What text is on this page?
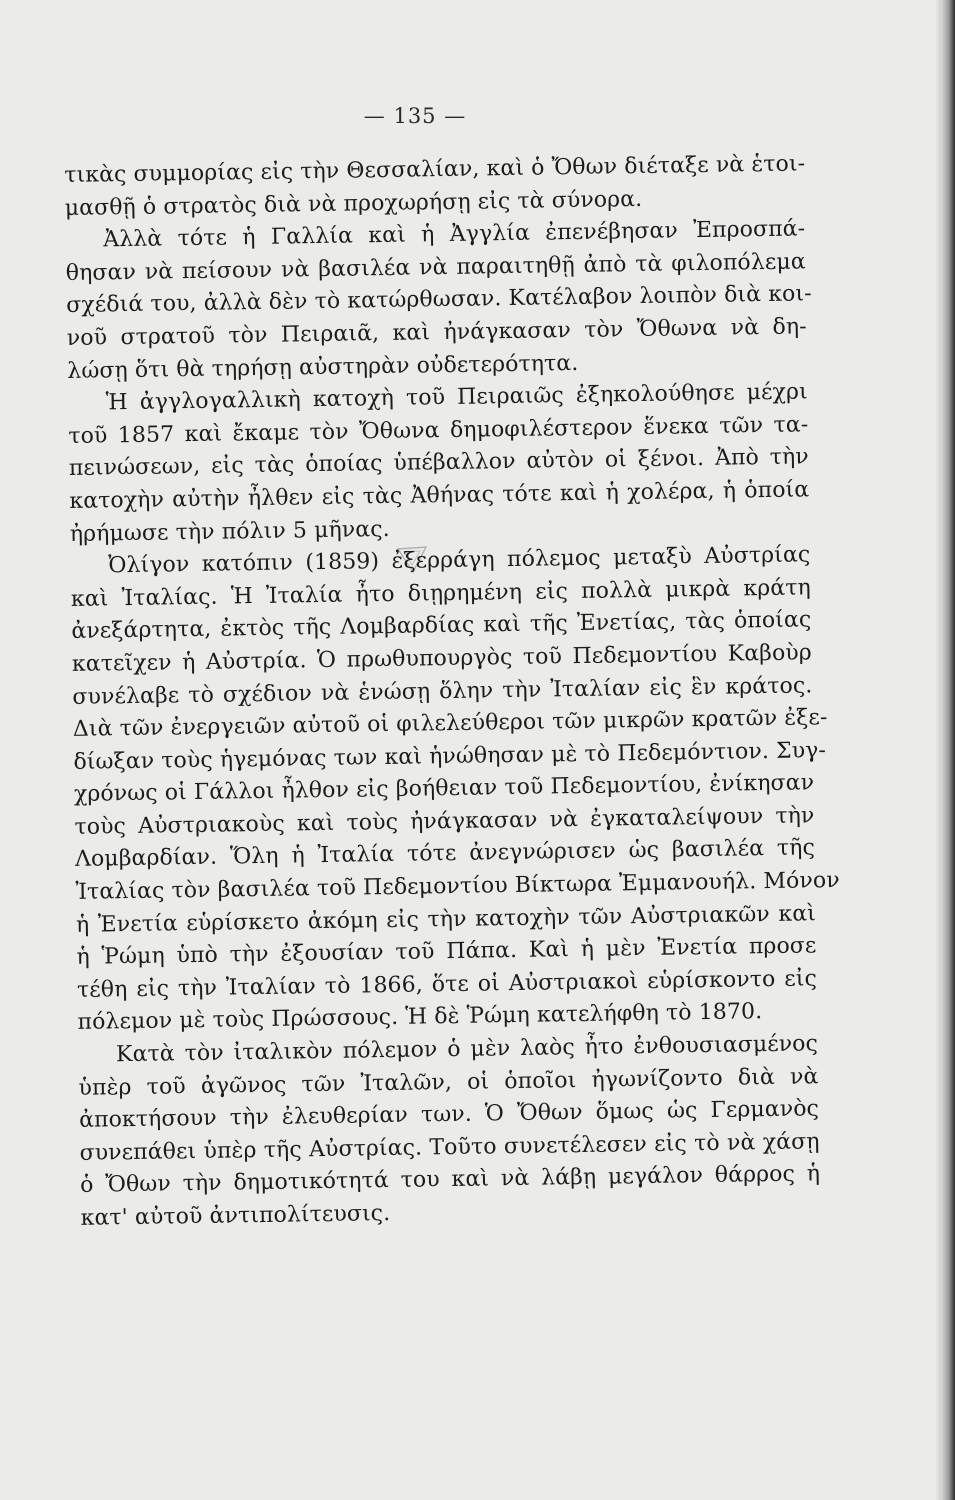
— 135 —
τικὰς συμμορίας εἰς τὴν Θεσσαλίαν, καὶ ὁ Ὄθων διέταξε νὰ ἑτοι-
μασθῇ ὁ στρατὸς διὰ νὰ προχωρήσῃ εἰς τὰ σύνορα.
Ἀλλὰ τότε ἡ Γαλλία καὶ ἡ Ἀγγλία ἐπενέβησαν Ἐπροσπά-
θησαν νὰ πείσουν νὰ βασιλέα νὰ παραιτηθῇ ἀπὸ τὰ φιλοπόλεμα
σχέδιά του, ἀλλὰ δὲν τὸ κατώρθωσαν. Κατέλαβον λοιπὸν διὰ κοι-
νοῦ στρατοῦ τὸν Πειραιᾶ, καὶ ἠνάγκασαν τὸν Ὄθωνα νὰ δη-
λώσῃ ὅτι θὰ τηρήσῃ αὐστηρὰν οὐδετερότητα.
Ἡ ἀγγλογαλλικὴ κατοχὴ τοῦ Πειραιῶς ἐξηκολούθησε μέχρι
τοῦ 1857 καὶ ἔκαμε τὸν Ὄθωνα δημοφιλέστερον ἕνεκα τῶν τα-
πεινώσεων, εἰς τὰς ὁποίας ὑπέβαλλον αὐτὸν οἱ ξένοι. Ἀπὸ τὴν
κατοχὴν αὐτὴν ἦλθεν εἰς τὰς Ἀθήνας τότε καὶ ἡ χολέρα, ἡ ὁποία
ἠρήμωσε τὴν πόλιν 5 μῆνας.
Ὀλίγον κατόπιν (1859) ἐξερράγη πόλεμος μεταξὺ Αὐστρίας
καὶ Ἰταλίας. Ἡ Ἰταλία ἦτο διῃρημένη εἰς πολλὰ μικρὰ κράτη
ἀνεξάρτητα, ἐκτὸς τῆς Λομβαρδίας καὶ τῆς Ἐνετίας, τὰς ὁποίας
κατεῖχεν ἡ Αὐστρία. Ὁ πρωθυπουργὸς τοῦ Πεδεμοντίου Καβοὺρ
συνέλαβε τὸ σχέδιον νὰ ἑνώσῃ ὅλην τὴν Ἰταλίαν εἰς ἓν κράτος.
Διὰ τῶν ἐνεργειῶν αὐτοῦ οἱ φιλελεύθεροι τῶν μικρῶν κρατῶν ἐξε-
δίωξαν τοὺς ἡγεμόνας των καὶ ἡνώθησαν μὲ τὸ Πεδεμόντιον. Συγ-
χρόνως οἱ Γάλλοι ἦλθον εἰς βοήθειαν τοῦ Πεδεμοντίου, ἐνίκησαν
τοὺς Αὐστριακοὺς καὶ τοὺς ἠνάγκασαν νὰ ἐγκαταλείψουν τὴν
Λομβαρδίαν. Ὅλη ἡ Ἰταλία τότε ἀνεγνώρισεν ὡς βασιλέα τῆς
Ἰταλίας τὸν βασιλέα τοῦ Πεδεμοντίου Βίκτωρα Ἐμμανουήλ. Μόνον
ἡ Ἐνετία εὑρίσκετο ἀκόμη εἰς τὴν κατοχὴν τῶν Αὐστριακῶν καὶ
ἡ Ῥώμη ὑπὸ τὴν ἐξουσίαν τοῦ Πάπα. Καὶ ἡ μὲν Ἐνετία προσε
τέθη εἰς τὴν Ἰταλίαν τὸ 1866, ὅτε οἱ Αὐστριακοὶ εὑρίσκοντο εἰς
πόλεμον μὲ τοὺς Πρώσσους. Ἡ δὲ Ῥώμη κατελήφθη τὸ 1870.
Κατὰ τὸν ἰταλικὸν πόλεμον ὁ μὲν λαὸς ἦτο ἐνθουσιασμένος
ὑπὲρ τοῦ ἀγῶνος τῶν Ἰταλῶν, οἱ ὁποῖοι ἠγωνίζοντο διὰ νὰ
ἀποκτήσουν τὴν ἐλευθερίαν των. Ὁ Ὄθων ὅμως ὡς Γερμανὸς
συνεπάθει ὑπὲρ τῆς Αὐστρίας. Τοῦτο συνετέλεσεν εἰς τὸ νὰ χάσῃ
ὁ Ὄθων τὴν δημοτικότητά του καὶ νὰ λάβῃ μεγάλον θάρρος ἡ
κατ' αὐτοῦ ἀντιπολίτευσις.
